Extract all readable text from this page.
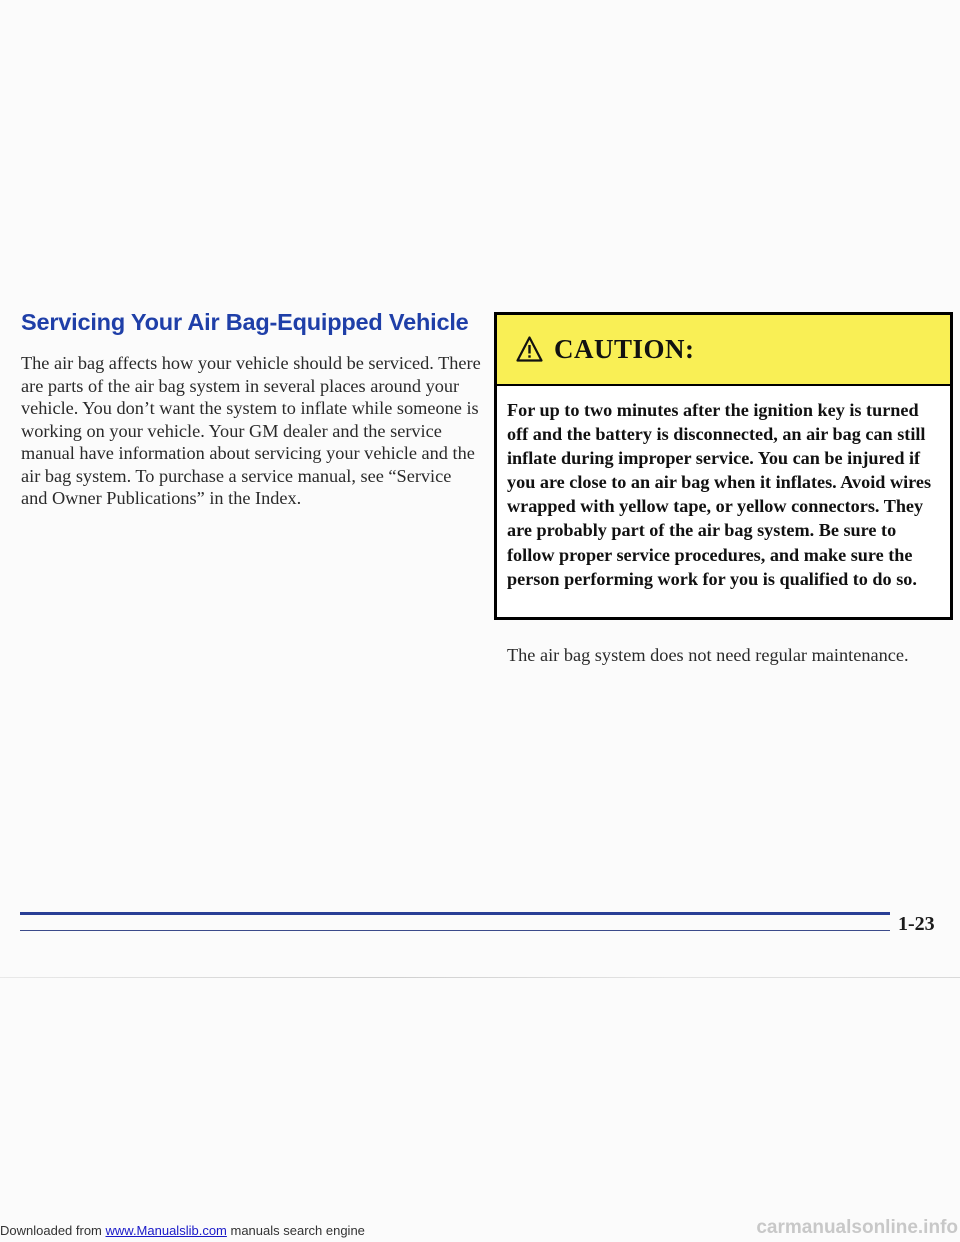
Servicing Your Air Bag-Equipped Vehicle

The air bag affects how your vehicle should be serviced. There are parts of the air bag system in several places around your vehicle. You don’t want the system to inflate while someone is working on your vehicle. Your GM dealer and the service manual have information about servicing your vehicle and the air bag system. To purchase a service manual, see “Service and Owner Publications” in the Index.

CAUTION:

For up to two minutes after the ignition key is turned off and the battery is disconnected, an air bag can still inflate during improper service. You can be injured if you are close to an air bag when it inflates. Avoid wires wrapped with yellow tape, or yellow connectors. They are probably part of the air bag system. Be sure to follow proper service procedures, and make sure the person performing work for you is qualified to do so.

The air bag system does not need regular maintenance.

1-23

Downloaded from www.Manualslib.com manuals search engine	carmanualsonline.info
